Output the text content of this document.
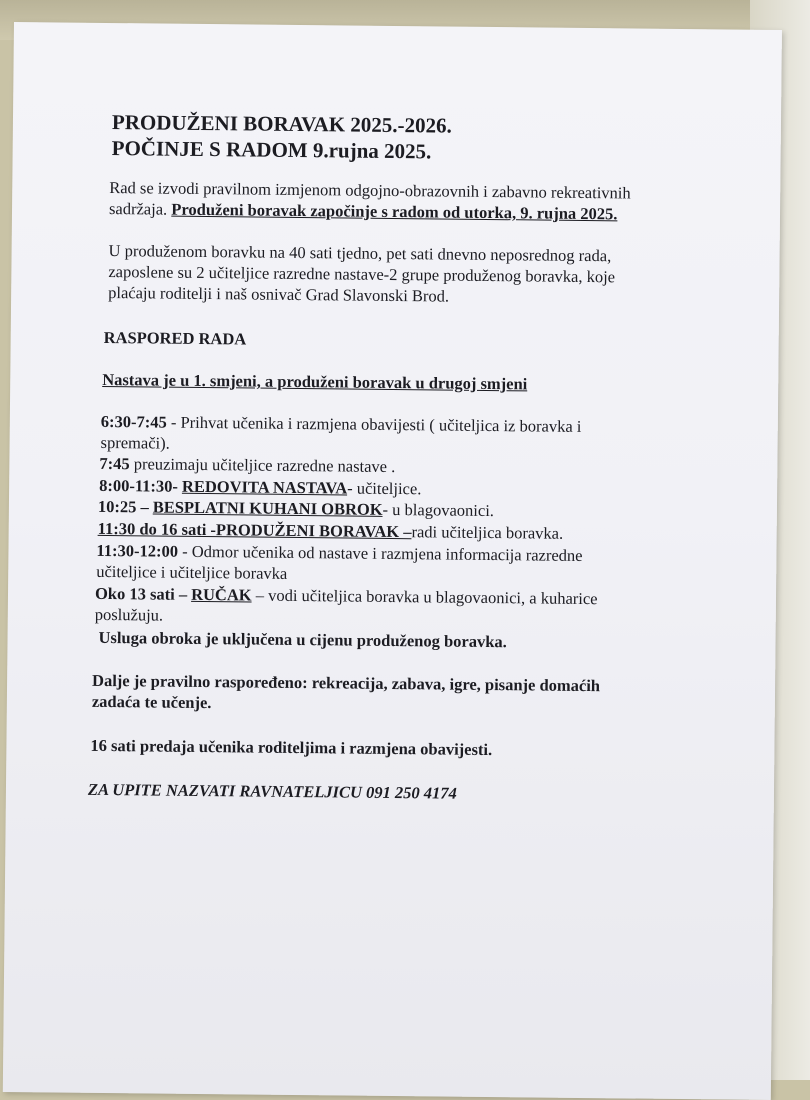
PRODUŽENI BORAVAK 2025.-2026.
POČINJE S RADOM 9.rujna 2025.
Rad se izvodi pravilnom izmjenom odgojno-obrazovnih i zabavno rekreativnih
sadržaja. Produženi boravak započinje s radom od utorka, 9. rujna 2025.
U produženom boravku na 40 sati tjedno, pet sati dnevno neposrednog rada,
zaposlene su 2 učiteljice razredne nastave-2 grupe produženog boravka, koje
plaćaju roditelji i naš osnivač Grad Slavonski Brod.
RASPORED RADA
Nastava je u 1. smjeni, a produženi boravak u drugoj smjeni
6:30-7:45 - Prihvat učenika i razmjena obavijesti ( učiteljica iz boravka i
spremači).
7:45 preuzimaju učiteljice razredne nastave .
8:00-11:30- REDOVITA NASTAVA- učiteljice.
10:25 – BESPLATNI KUHANI OBROK- u blagovaonici.
11:30 do 16 sati -PRODUŽENI BORAVAK –radi učiteljica boravka.
11:30-12:00 - Odmor učenika od nastave i razmjena informacija razredne
učiteljice i učiteljice boravka
Oko 13 sati – RUČAK – vodi učiteljica boravka u blagovaonici, a kuharice
poslužuju.
Usluga obroka je uključena u cijenu produženog boravka.
Dalje je pravilno raspoređeno: rekreacija, zabava, igre, pisanje domaćih
zadaća te učenje.
16 sati predaja učenika roditeljima i razmjena obavijesti.
ZA UPITE NAZVATI RAVNATELJICU 091 250 4174
